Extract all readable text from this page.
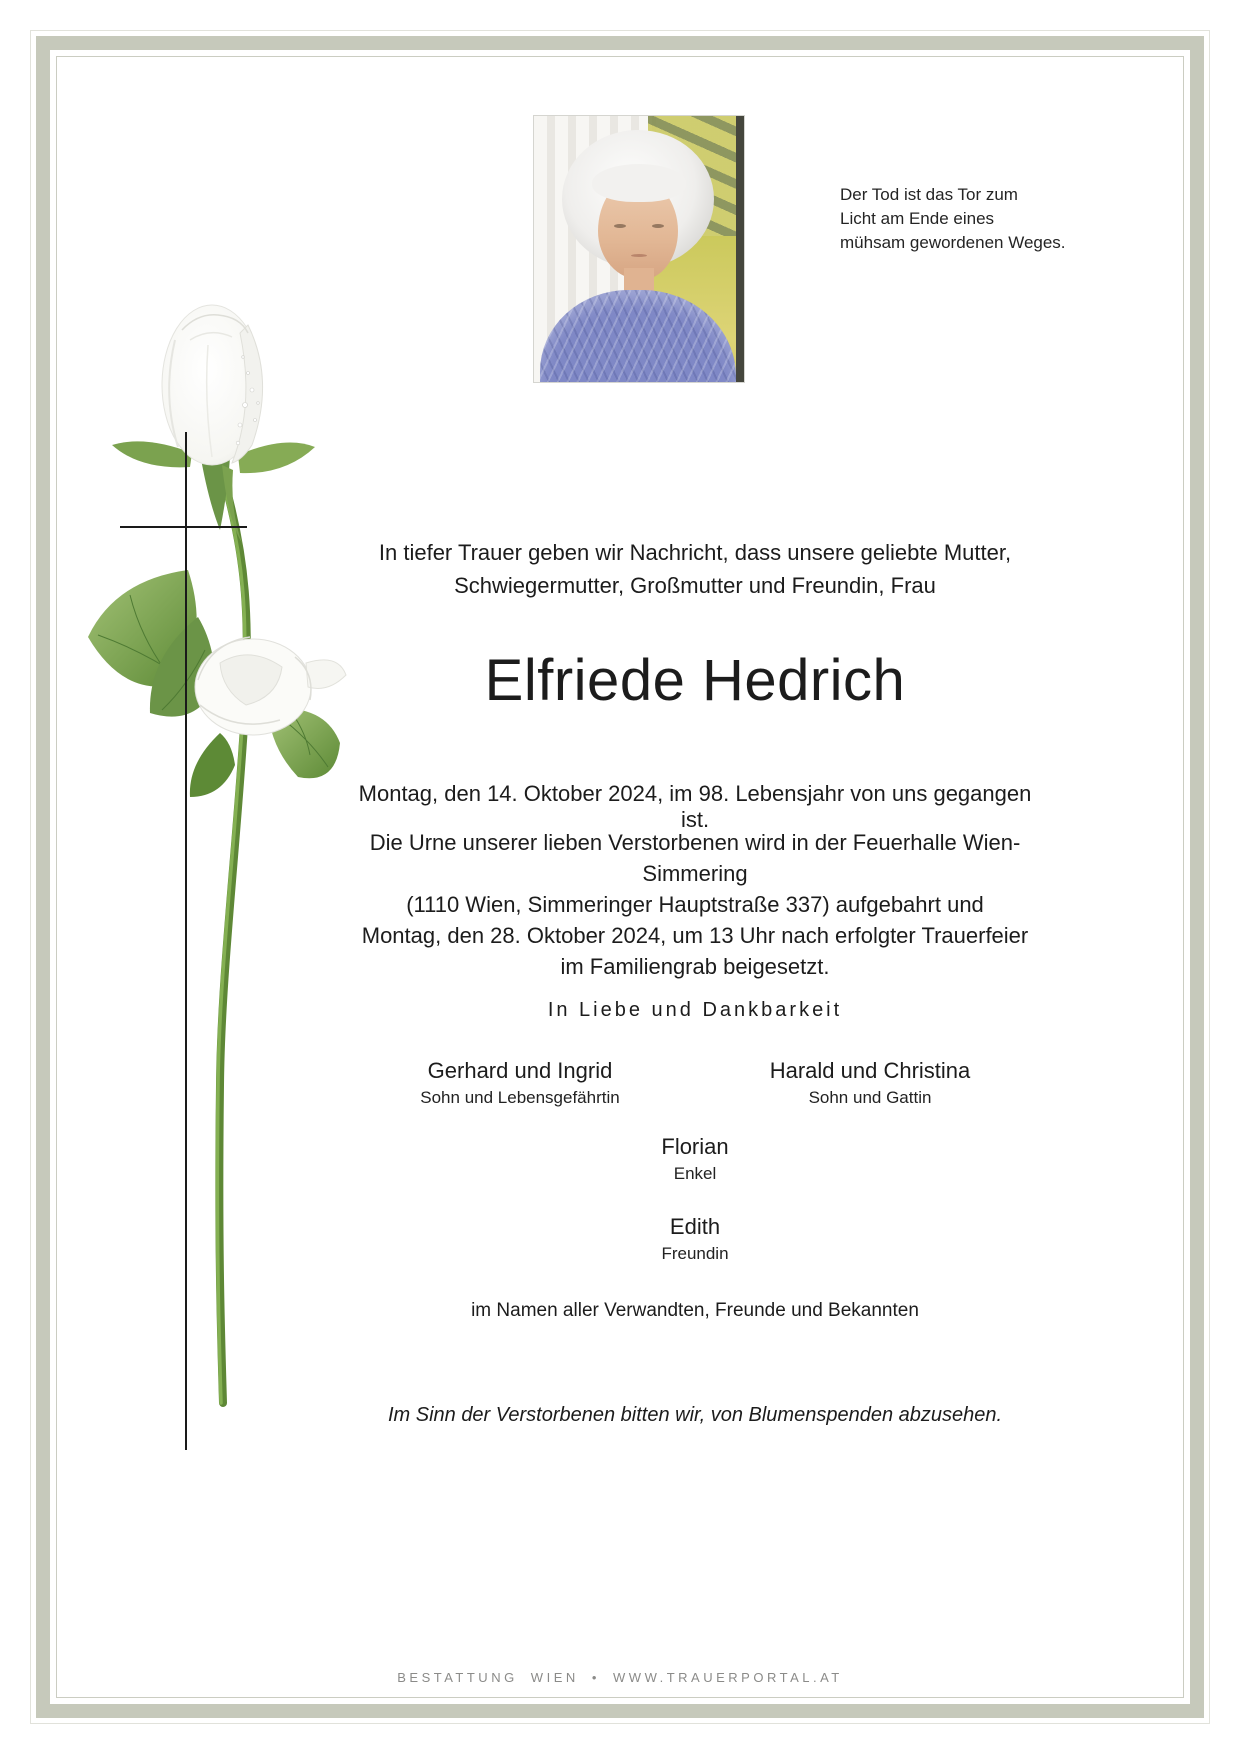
Der Tod ist das Tor zum
Licht am Ende eines
mühsam gewordenen Weges.
In tiefer Trauer geben wir Nachricht, dass unsere geliebte Mutter,
Schwiegermutter, Großmutter und Freundin, Frau
Elfriede Hedrich
Montag, den 14. Oktober 2024, im 98. Lebensjahr von uns gegangen ist.
Die Urne unserer lieben Verstorbenen wird in der Feuerhalle Wien-Simmering
(1110 Wien, Simmeringer Hauptstraße 337) aufgebahrt und
Montag, den 28. Oktober 2024, um 13 Uhr nach erfolgter Trauerfeier
im Familiengrab beigesetzt.
In Liebe und Dankbarkeit
Gerhard und Ingrid
Sohn und Lebensgefährtin
Harald und Christina
Sohn und Gattin
Florian
Enkel
Edith
Freundin
im Namen aller Verwandten, Freunde und Bekannten
Im Sinn der Verstorbenen bitten wir, von Blumenspenden abzusehen.
BESTATTUNG WIEN • WWW.TRAUERPORTAL.AT
